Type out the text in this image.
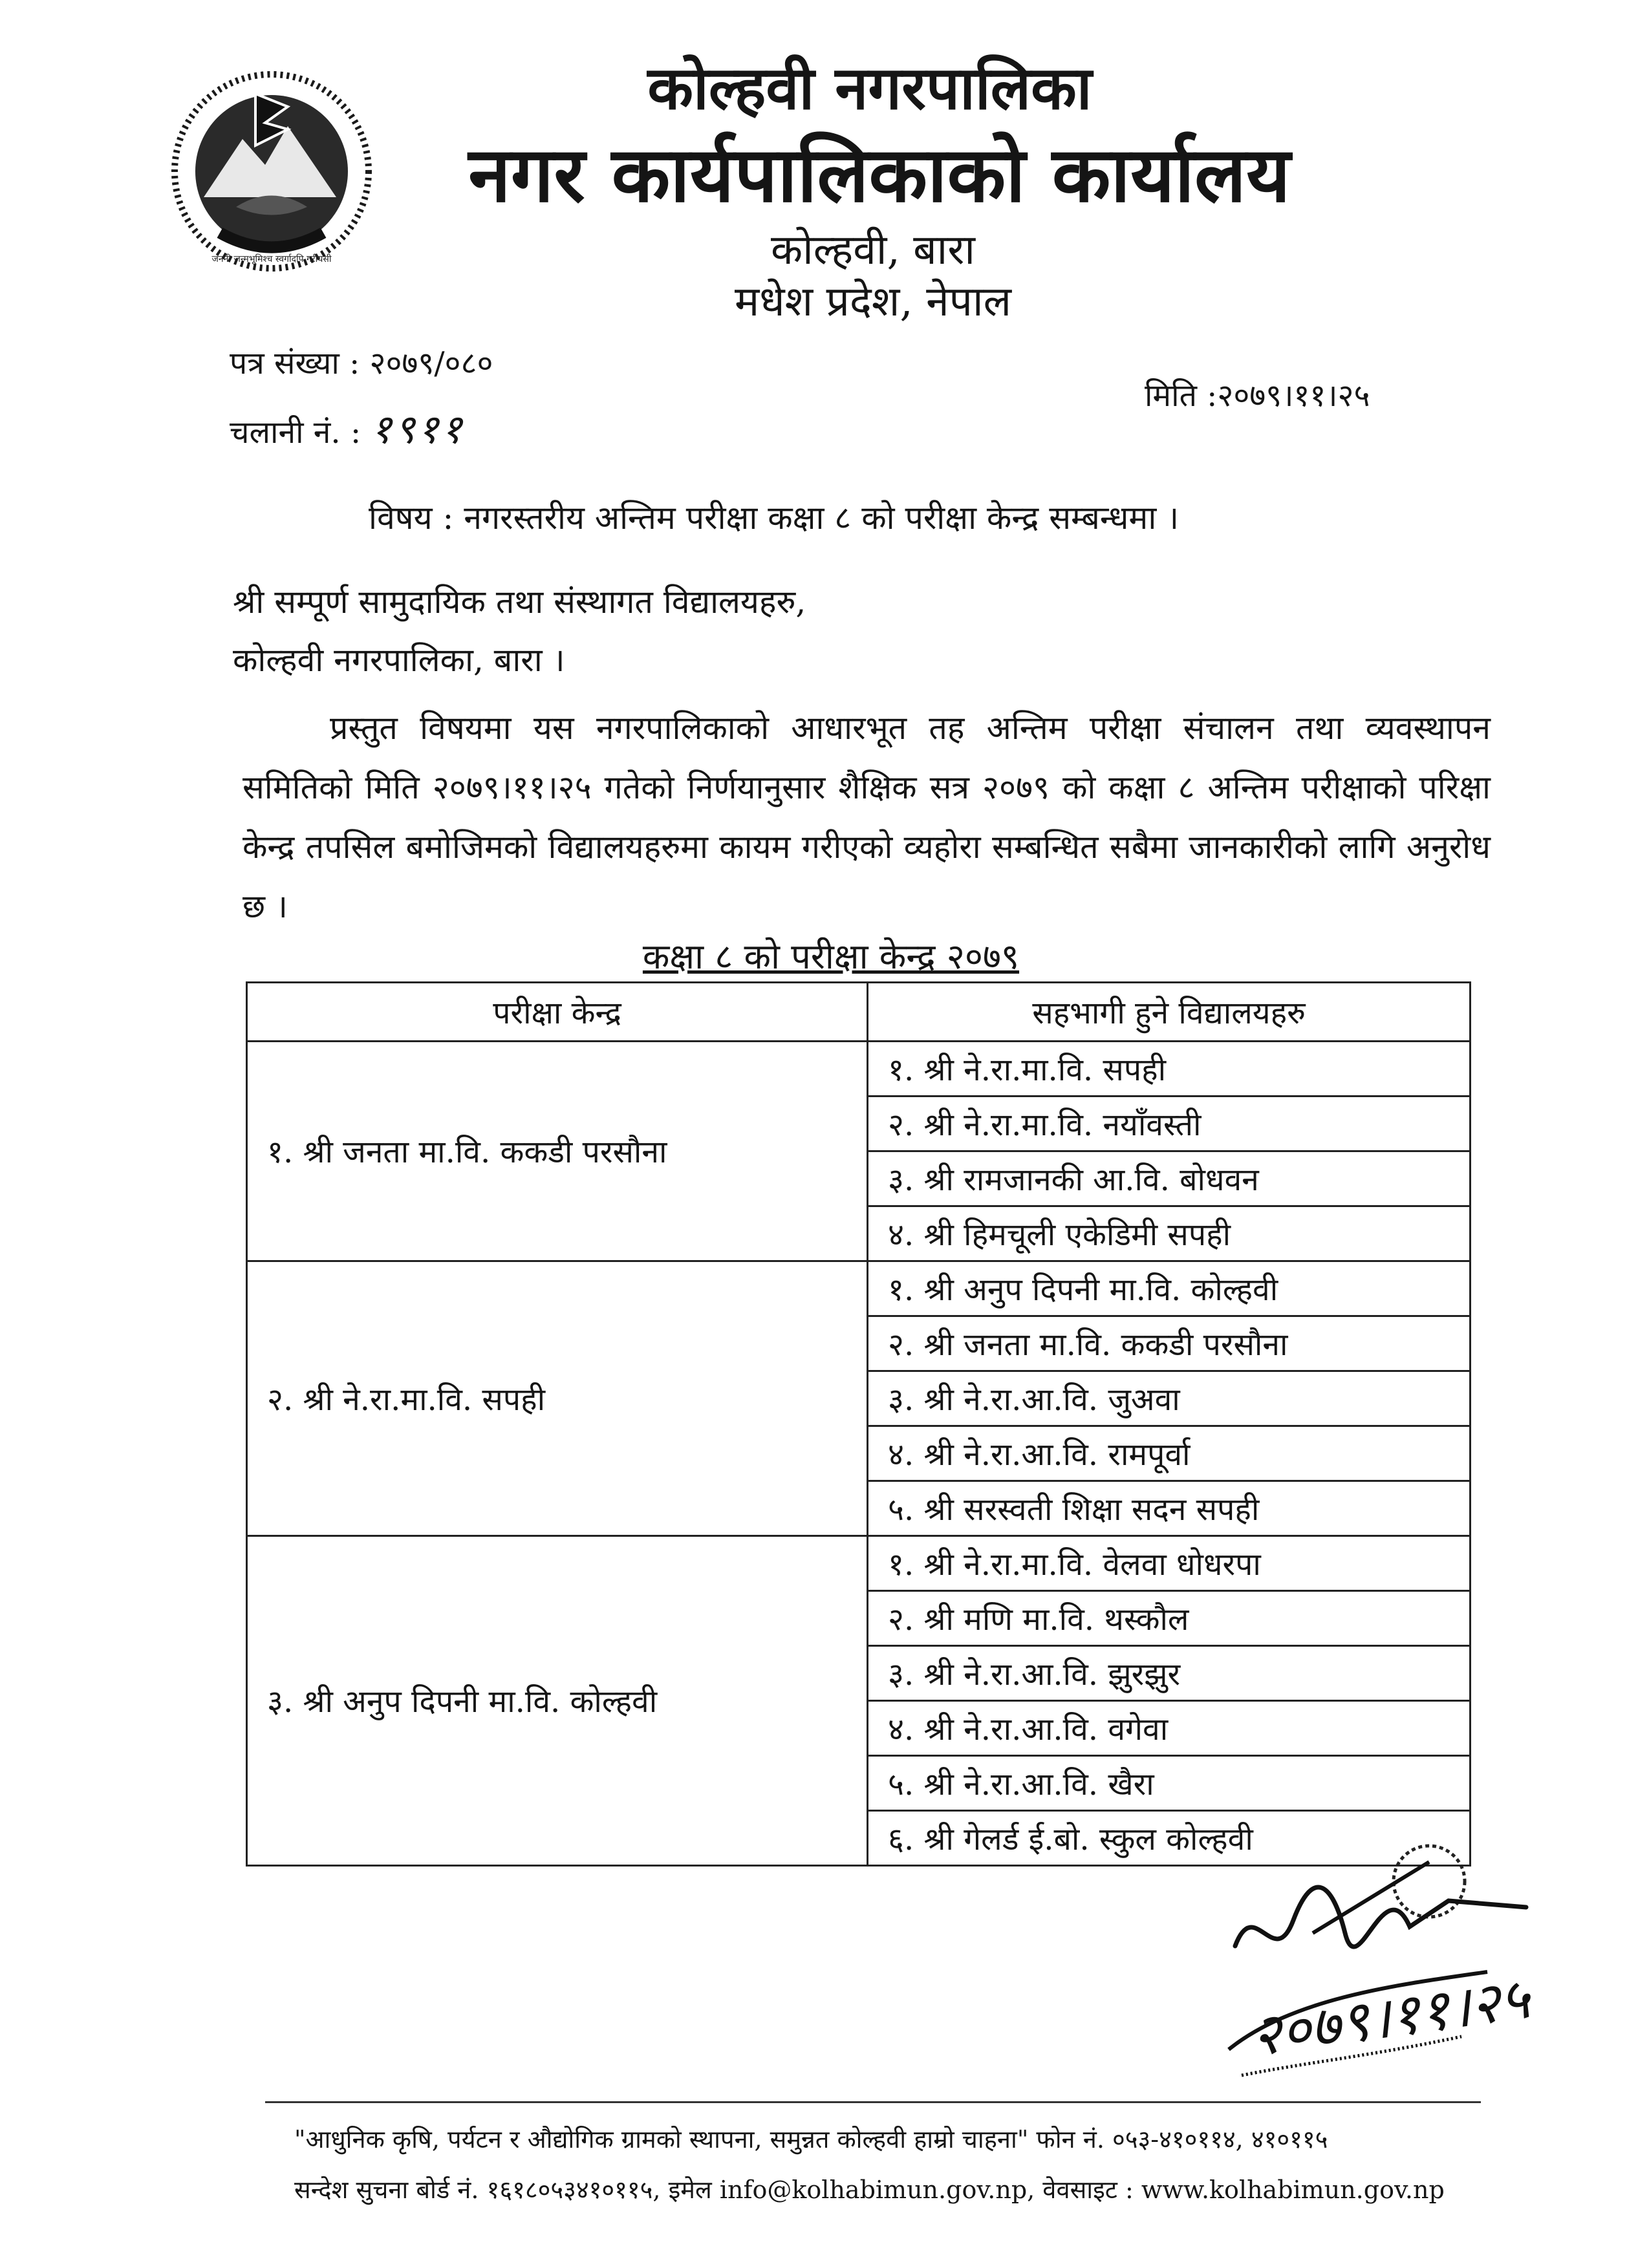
जननी जन्मभूमिश्च स्वर्गादपि गरीयसी
कोल्हवी नगरपालिका
नगर कार्यपालिकाको कार्यालय
कोल्हवी, बारा
मधेश प्रदेश, नेपाल
पत्र संख्या : २०७९/०८०
चलानी नं. : १९११
मिति :२०७९।११।२५
विषय : नगरस्तरीय अन्तिम परीक्षा कक्षा ८ को परीक्षा केन्द्र सम्बन्धमा ।
श्री सम्पूर्ण सामुदायिक तथा संस्थागत विद्यालयहरु,
कोल्हवी नगरपालिका, बारा ।
प्रस्तुत विषयमा यस नगरपालिकाको आधारभूत तह अन्तिम परीक्षा संचालन तथा व्यवस्थापन समितिको मिति २०७९।११।२५ गतेको निर्णयानुसार शैक्षिक सत्र २०७९ को कक्षा ८ अन्तिम परीक्षाको परिक्षा केन्द्र तपसिल बमोजिमको विद्यालयहरुमा कायम गरीएको व्यहोरा सम्बन्धित सबैमा जानकारीको लागि अनुरोध छ ।
कक्षा ८ को परीक्षा केन्द्र २०७९
परीक्षा केन्द्र	सहभागी हुने विद्यालयहरु
१. श्री जनता मा.वि. ककडी परसौना	१. श्री ने.रा.मा.वि. सपही
	२. श्री ने.रा.मा.वि. नयाँवस्ती
	३. श्री रामजानकी आ.वि. बोधवन
	४. श्री हिमचूली एकेडिमी सपही
२. श्री ने.रा.मा.वि. सपही	१. श्री अनुप दिपनी मा.वि. कोल्हवी
	२. श्री जनता मा.वि. ककडी परसौना
	३. श्री ने.रा.आ.वि. जुअवा
	४. श्री ने.रा.आ.वि. रामपूर्वा
	५. श्री सरस्वती शिक्षा सदन सपही
३. श्री अनुप दिपनी मा.वि. कोल्हवी	१. श्री ने.रा.मा.वि. वेलवा धोधरपा
	२. श्री मणि मा.वि. थस्कौल
	३. श्री ने.रा.आ.वि. झुरझुर
	४. श्री ने.रा.आ.वि. वगेवा
	५. श्री ने.रा.आ.वि. खैरा
	६. श्री गेलर्ड ई.बो. स्कुल कोल्हवी
२०७९।११।२५
"आधुनिक कृषि, पर्यटन र औद्योगिक ग्रामको स्थापना, समुन्नत कोल्हवी हाम्रो चाहना" फोन नं. ०५३-४१०११४, ४१०११५
सन्देश सुचना बोर्ड नं. १६१८०५३४१०११५, इमेल info@kolhabimun.gov.np, वेवसाइट : www.kolhabimun.gov.np
